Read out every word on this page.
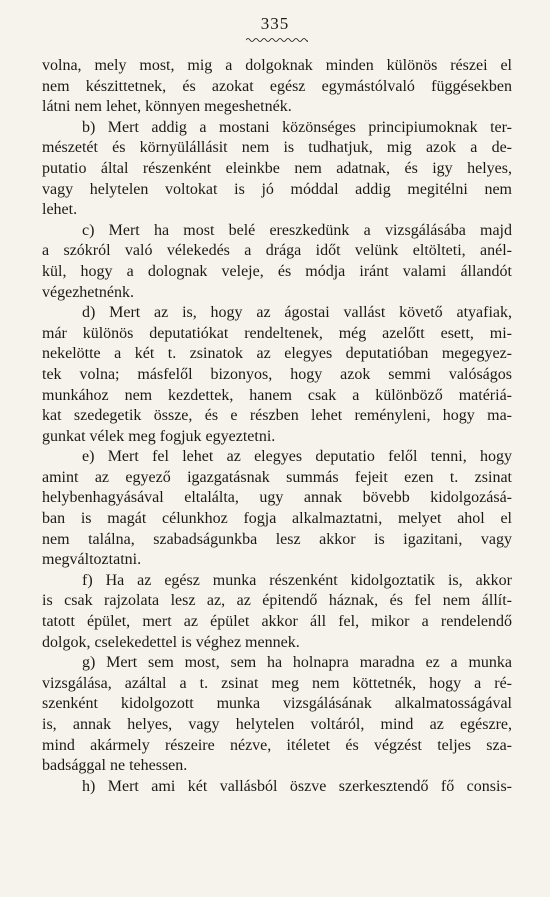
335
volna, mely most, mig a dolgoknak minden különös részei el
nem készittetnek, és azokat egész egymástólvaló függésekben
látni nem lehet, könnyen megeshetnék.
b) Mert addig a mostani közönséges principiumoknak ter-
mészetét és környülállásit nem is tudhatjuk, mig azok a de-
putatio által részenként eleinkbe nem adatnak, és igy helyes,
vagy helytelen voltokat is jó móddal addig megitélni nem
lehet.
c) Mert ha most belé ereszkedünk a vizsgálásába majd
a szókról való vélekedés a drága időt velünk eltölteti, anél-
kül, hogy a dolognak veleje, és módja iránt valami állandót
végezhetnénk.
d) Mert az is, hogy az ágostai vallást követő atyafiak,
már különös deputatiókat rendeltenek, még azelőtt esett, mi-
nekelötte a két t. zsinatok az elegyes deputatióban megegyez-
tek volna; másfelől bizonyos, hogy azok semmi valóságos
munkához nem kezdettek, hanem csak a különböző matériá-
kat szedegetik össze, és e részben lehet reményleni, hogy ma-
gunkat vélek meg fogjuk egyeztetni.
e) Mert fel lehet az elegyes deputatio felől tenni, hogy
amint az egyező igazgatásnak summás fejeit ezen t. zsinat
helybenhagyásával eltalálta, ugy annak bövebb kidolgozásá-
ban is magát célunkhoz fogja alkalmaztatni, melyet ahol el
nem találna, szabadságunkba lesz akkor is igazitani, vagy
megváltoztatni.
f) Ha az egész munka részenként kidolgoztatik is, akkor
is csak rajzolata lesz az, az épitendő háznak, és fel nem állít-
tatott épület, mert az épület akkor áll fel, mikor a rendelendő
dolgok, cselekedettel is véghez mennek.
g) Mert sem most, sem ha holnapra maradna ez a munka
vizsgálása, azáltal a t. zsinat meg nem köttetnék, hogy a ré-
szenként kidolgozott munka vizsgálásának alkalmatosságával
is, annak helyes, vagy helytelen voltáról, mind az egészre,
mind akármely részeire nézve, itéletet és végzést teljes sza-
badsággal ne tehessen.
h) Mert ami két vallásból öszve szerkesztendő fő consis-
